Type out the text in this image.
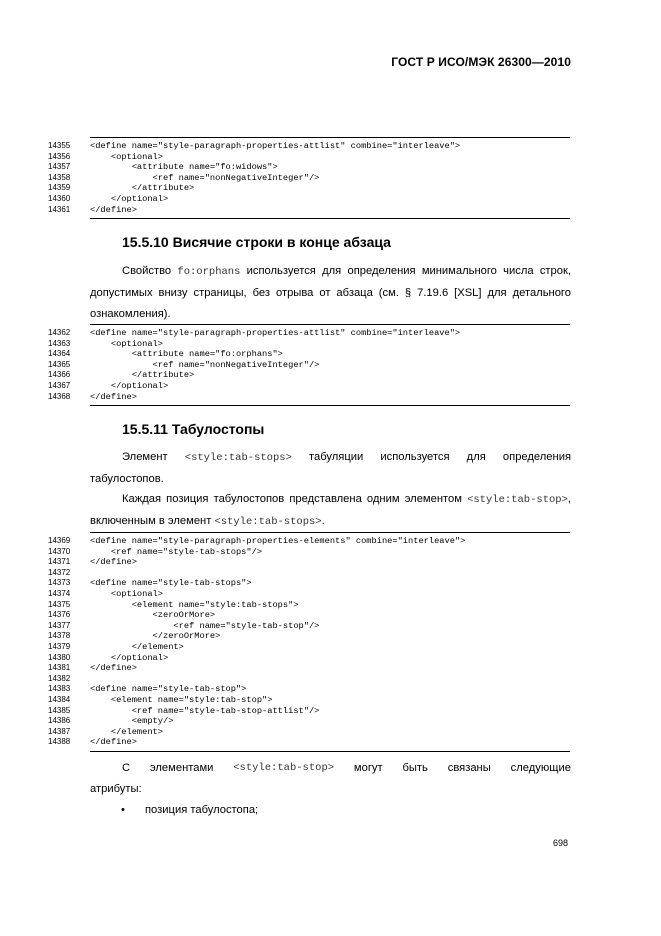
ГОСТ Р ИСО/МЭК 26300—2010
14355	<define name="style-paragraph-properties-attlist" combine="interleave">
14356	<optional>
14357	<attribute name="fo:widows">
14358	<ref name="nonNegativeInteger"/>
14359	</attribute>
14360	</optional>
14361	</define>
15.5.10 Висячие строки в конце абзаца
Свойство fo:orphans используется для определения минимального числа строк, допустимых внизу страницы, без отрыва от абзаца (см. § 7.19.6 [XSL] для детального ознакомления).
14362	<define name="style-paragraph-properties-attlist" combine="interleave">
14363	<optional>
14364	<attribute name="fo:orphans">
14365	<ref name="nonNegativeInteger"/>
14366	</attribute>
14367	</optional>
14368	</define>
15.5.11 Табулостопы
Элемент <style:tab-stops> табуляции используется для определения табулостопов.
Каждая позиция табулостопов представлена одним элементом <style:tab-stop>, включенным в элемент <style:tab-stops>.
14369	<define name="style-paragraph-properties-elements" combine="interleave">
14370	<ref name="style-tab-stops"/>
14371	</define>
14372
14373	<define name="style-tab-stops">
14374	<optional>
14375	<element name="style:tab-stops">
14376	<zeroOrMore>
14377	<ref name="style-tab-stop"/>
14378	</zeroOrMore>
14379	</element>
14380	</optional>
14381	</define>
14382
14383	<define name="style-tab-stop">
14384	<element name="style:tab-stop">
14385	<ref name="style-tab-stop-attlist"/>
14386	<empty/>
14387	</element>
14388	</define>
С элементами <style:tab-stop> могут быть связаны следующие
атрибуты:
• позиция табулостопа;
698
